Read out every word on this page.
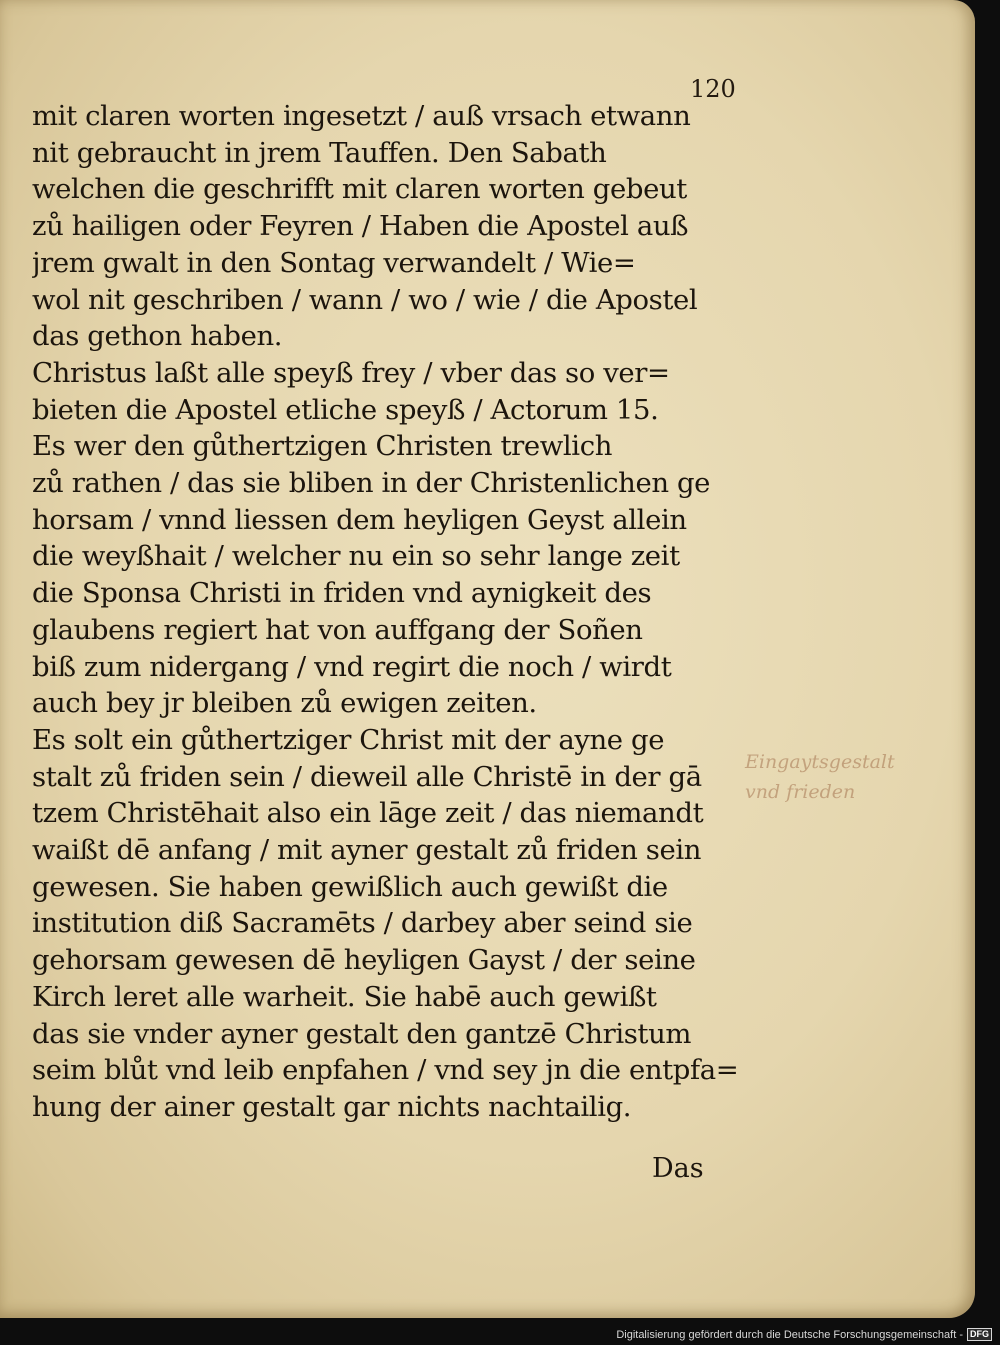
120
mit claren worten ingesetzt / auß vrsach etwann
nit gebraucht in jrem Tauffen. Den Sabath
welchen die geschrifft mit claren worten gebeut
zů hailigen oder Feyren / Haben die Apostel auß
jrem gwalt in den Sontag verwandelt / Wie=
wol nit geschriben / wann / wo / wie / die Apostel
das gethon haben.
Christus laßt alle speyß frey / vber das so ver=
bieten die Apostel etliche speyß / Actorum 15.
Es wer den gůthertzigen Christen trewlich
zů rathen / das sie bliben in der Christenlichen ge
horsam / vnnd liessen dem heyligen Geyst allein
die weyßhait / welcher nu ein so sehr lange zeit
die Sponsa Christi in friden vnd aynigkeit des
glaubens regiert hat von auffgang der Soñen
biß zum nidergang / vnd regirt die noch / wirdt
auch bey jr bleiben zů ewigen zeiten.
Es solt ein gůthertziger Christ mit der ayne ge
stalt zů friden sein / dieweil alle Christē in der gā
tzem Christēhait also ein lāge zeit / das niemandt
waißt dē anfang / mit ayner gestalt zů friden sein
gewesen. Sie haben gewißlich auch gewißt die
institution diß Sacramēts / darbey aber seind sie
gehorsam gewesen dē heyligen Gayst / der seine
Kirch leret alle warheit. Sie habē auch gewißt
das sie vnder ayner gestalt den gantzē Christum
seim blůt vnd leib enpfahen / vnd sey jn die entpfa=
hung der ainer gestalt gar nichts nachtailig.
Das
Eingaytsgestalt
vnd frieden
Digitalisierung gefördert durch die Deutsche Forschungsgemeinschaft - DFG
